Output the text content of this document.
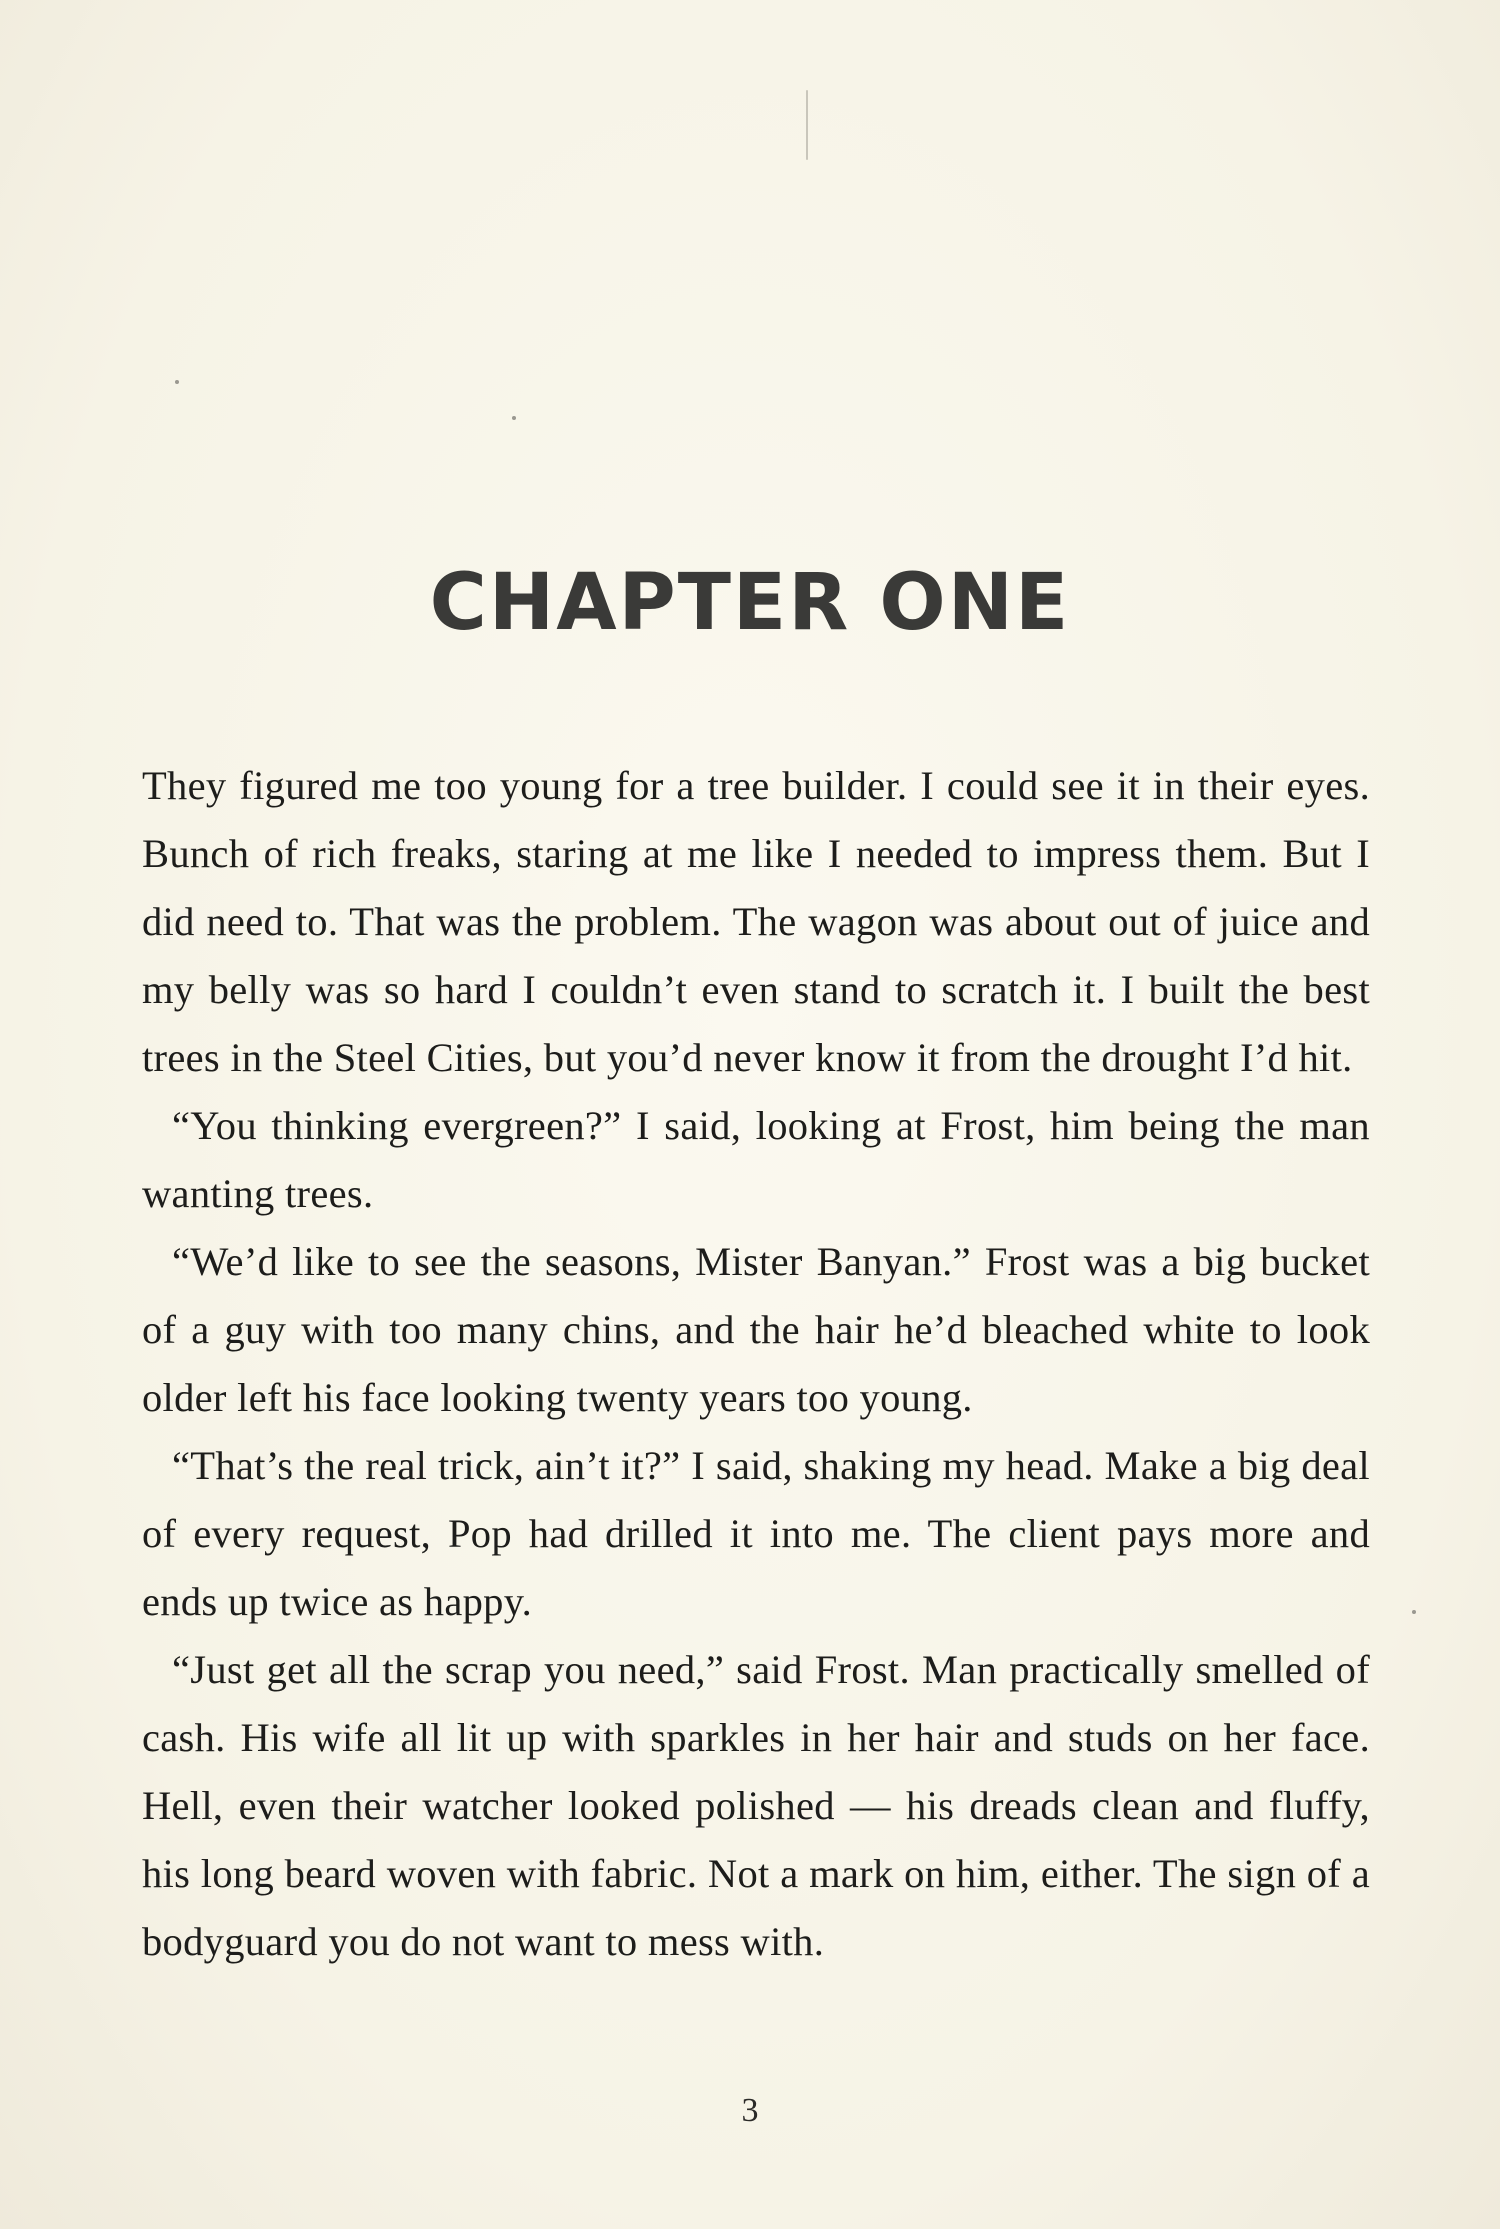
CHAPTER ONE

They figured me too young for a tree builder. I could see it in their eyes. Bunch of rich freaks, staring at me like I needed to impress them. But I did need to. That was the problem. The wagon was about out of juice and my belly was so hard I couldn’t even stand to scratch it. I built the best trees in the Steel Cities, but you’d never know it from the drought I’d hit.

“You thinking evergreen?” I said, looking at Frost, him being the man wanting trees.

“We’d like to see the seasons, Mister Banyan.” Frost was a big bucket of a guy with too many chins, and the hair he’d bleached white to look older left his face looking twenty years too young.

“That’s the real trick, ain’t it?” I said, shaking my head. Make a big deal of every request, Pop had drilled it into me. The client pays more and ends up twice as happy.

“Just get all the scrap you need,” said Frost. Man practically smelled of cash. His wife all lit up with sparkles in her hair and studs on her face. Hell, even their watcher looked polished — his dreads clean and fluffy, his long beard woven with fabric. Not a mark on him, either. The sign of a bodyguard you do not want to mess with.

3
